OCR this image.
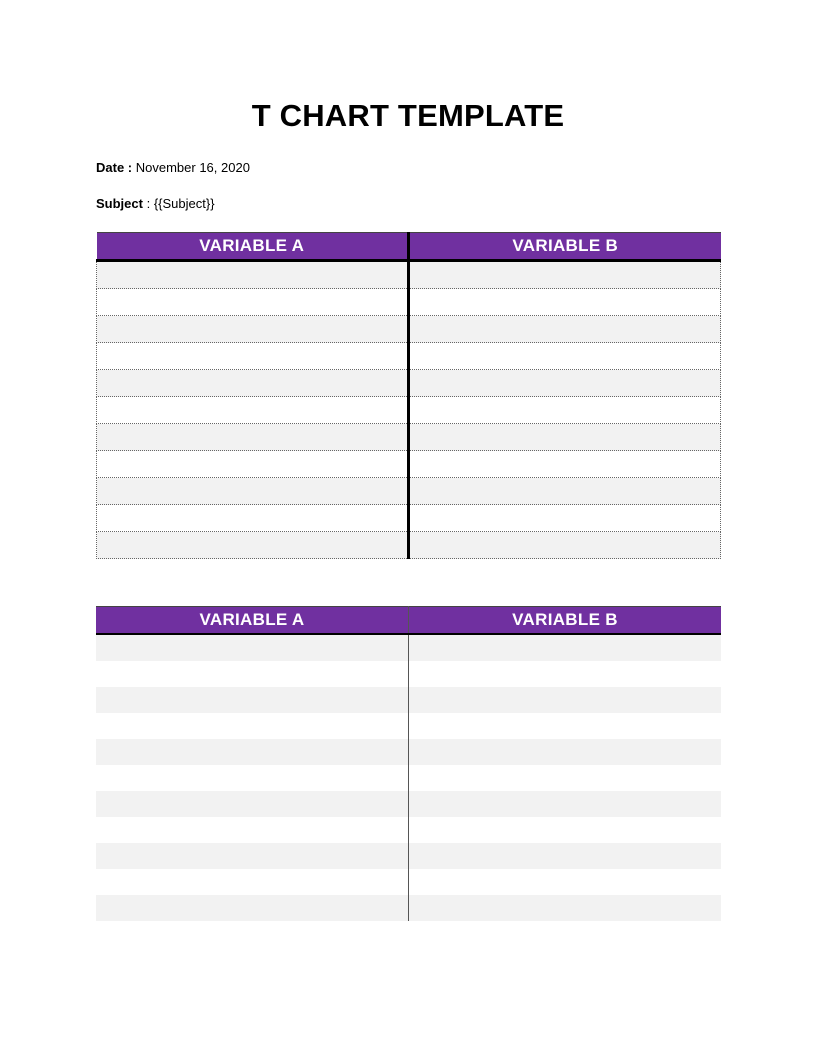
T CHART TEMPLATE
Date : November 16, 2020
Subject : {{Subject}}
VARIABLE A	VARIABLE B

VARIABLE A	VARIABLE B
